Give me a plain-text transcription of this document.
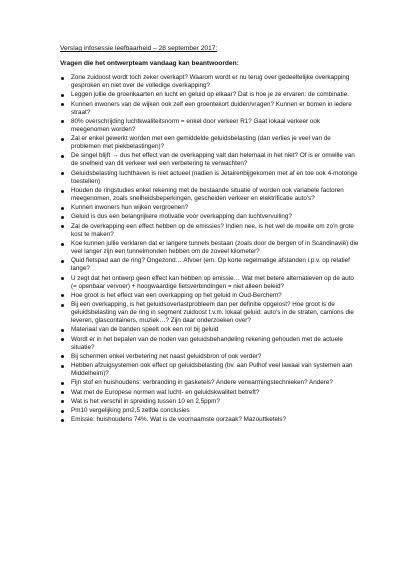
Verslag infosessie leefbaarheid – 28 september 2017:
Vragen die het ontwerpteam vandaag kan beantwoorden:
Zone zuidoost wordt toch zeker overkapt? Waarom wordt er nu terug over gedeeltelijke overkapping gesproken en niet over de volledige overkapping?
Leggen jullie de groenkaarten en lucht en geluid op elkaar? Dat is hoe je ze ervaren: de combinatie.
Kunnen inwoners van de wijken ook zelf een groentekort duiden/vragen? Kunnen er bomen in iedere straat?
80% overschrijding luchtkwaliteitsnorm = enkel door verkeer R1? Gaat lokaal verkeer ook meegenomen worden?
Zal er enkel gewerkt worden met een gemiddelde geluidsbelasting (dan verlies je veel van de problemen met piekbelastingen)?
De singel blijft → dus het effect van de overkapping valt dan helemaal in het niet? Of is er omwille van de snelheid van dit verkeer wel een verbetering te verwachten?
Geluidsbelasting luchthaven is niet actueel (nadien is Jetairenbijgekomen met af en toe ook 4-motorige toestellen)
Houden de ringstudies enkel rekening met de bestaande situatie of worden ook variabele factoren meegenomen, zoals snelheidsbeperkingen, gescheiden verkeer en elektrificatie auto's?
Kunnen inwoners hun wijken vergroenen?
Geluid is dus een belangrijkere motivatie voor overkapping dan luchtvervuiling?
Zal de overkapping een effect hebben op de emissies? Indien nee, is het wel de moeite om zo'n grote kost te maken?
Koe kunnen jullie verklaren dat er langere tunnels bestaan (zoals door de bergen of in Scandinavië) die veel langer zijn een tunnelmonden hebben om de zoveel kilometer?
Quid fietspad aan de ring? Ongezond… Afvoer (em. Op korte regelmatige afstanden i.p.v. op relatief lange?
U zegt dat het ontwerp geen effect kan hebben op emissie… Wat met betere alternatieven op de auto (= openbaar vervoer) + hoogwaardige fietsverbindingen = niet alleen beleid?
Hoe groot is het effect van een overkapping op het geluid in Oud-Berchem?
Bij een overkapping, is het geluidsoverlastprobleem dan per definitie opgelost? Hoe groot is de geluidsbelasting van de ring in segment zuidoost t.v.m. lokaal geluid: auto's in de straten, camions die leveren, glascontainers, muziek…? Zijn daar onderzoeken over?
Materiaal van de banden speelt ook een rol bij geluid
Wordt er in het bepalen van de noden van geluidsbehandeling rekening gehouden met de actuele situatie?
Bij schermen enkel verbetering net naast geluidsbron of ook verder?
Hebben afzuigsystemen ook effect op geluidsbelasting (bv. aan Pulhof veel lawaai van systemen aan Middelheim)?
Fijn stof en huishoudens: verbranding in gasketels? Andere verwarmingstechnieken? Andere?
Wat met de Europese normen wat lucht- en geluidskwaliteit betreft?
Wat is het verschil in spreiding tussen 10 en 2,5ppm?
Pm10 vergelijking pm2,5 zelfde conclusies
Emissie: huishoudens 74%. Wat is de voornaamste oorzaak? Mazouttketels?
